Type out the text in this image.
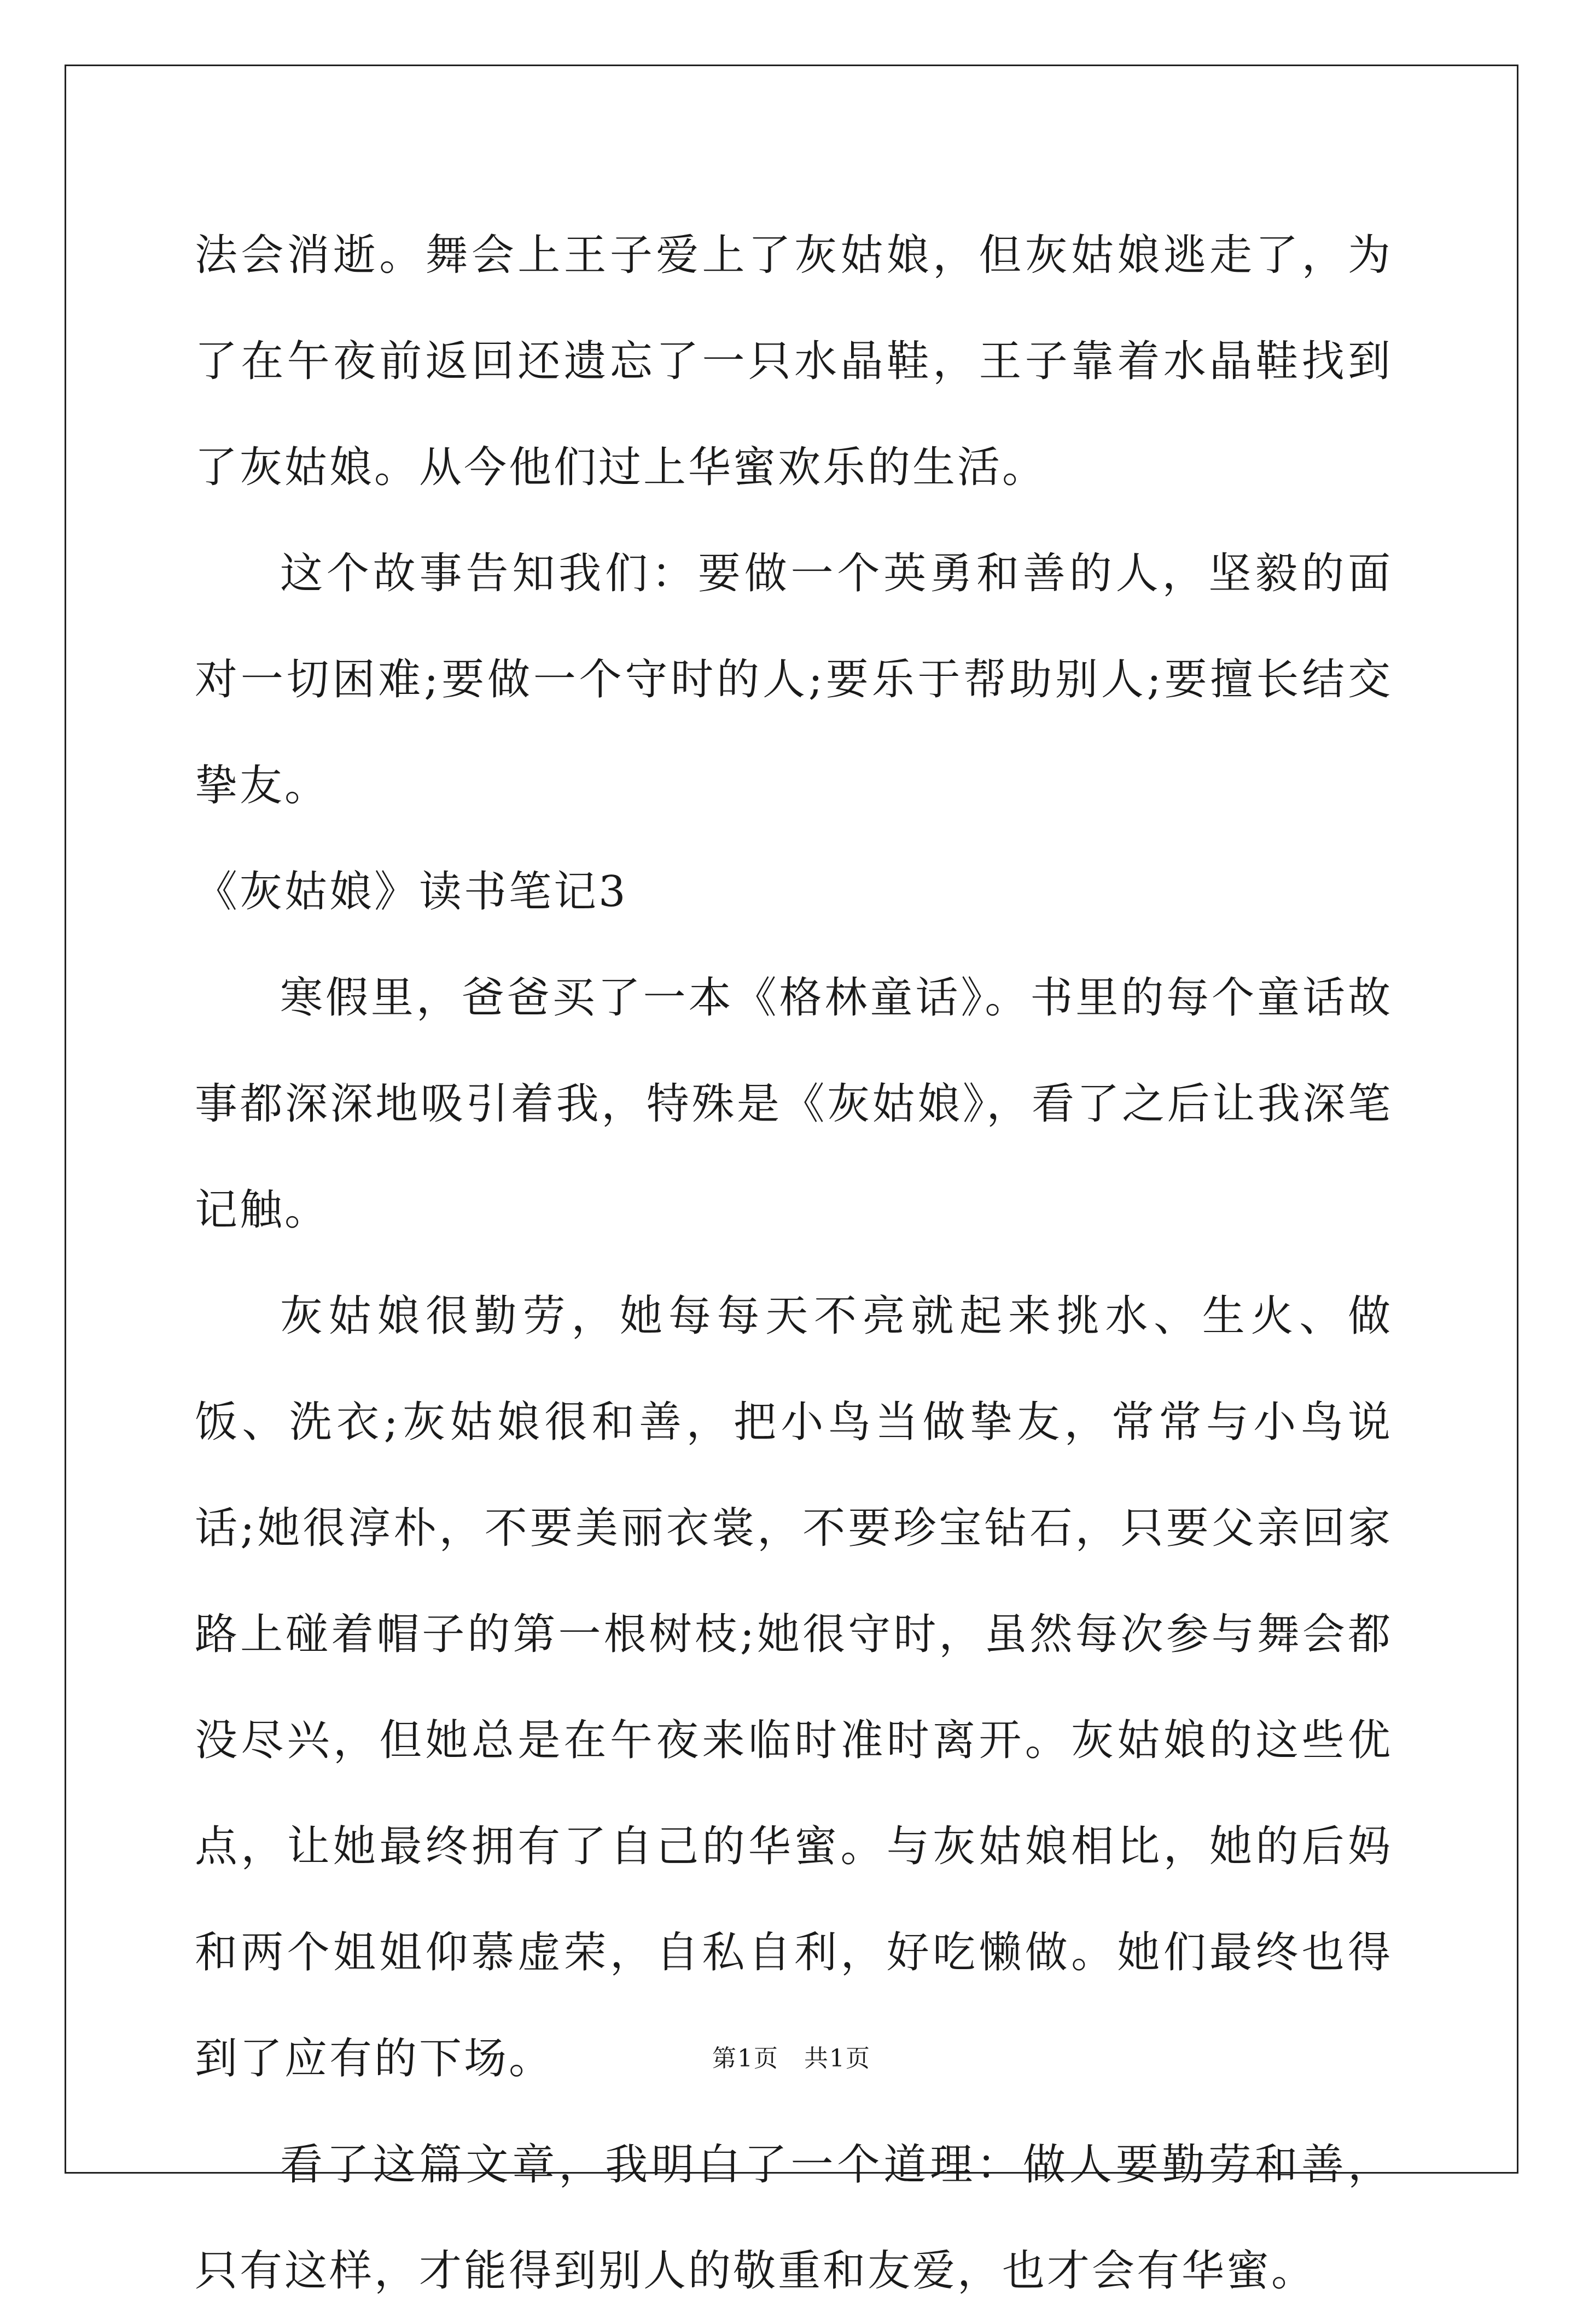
法会消逝。舞会上王子爱上了灰姑娘，但灰姑娘逃走了，为了在午夜前返回还遗忘了一只水晶鞋，王子靠着水晶鞋找到了灰姑娘。从今他们过上华蜜欢乐的生活。

这个故事告知我们：要做一个英勇和善的人，坚毅的面对一切困难;要做一个守时的人;要乐于帮助别人;要擅长结交挚友。

《灰姑娘》读书笔记3

寒假里，爸爸买了一本《格林童话》。书里的每个童话故事都深深地吸引着我，特殊是《灰姑娘》，看了之后让我深笔记触。

灰姑娘很勤劳，她每每天不亮就起来挑水、生火、做饭、洗衣;灰姑娘很和善，把小鸟当做挚友，常常与小鸟说话;她很淳朴，不要美丽衣裳，不要珍宝钻石，只要父亲回家路上碰着帽子的第一根树枝;她很守时，虽然每次参与舞会都没尽兴，但她总是在午夜来临时准时离开。灰姑娘的这些优点，让她最终拥有了自己的华蜜。与灰姑娘相比，她的后妈和两个姐姐仰慕虚荣，自私自利，好吃懒做。她们最终也得到了应有的下场。

看了这篇文章，我明白了一个道理：做人要勤劳和善，只有这样，才能得到别人的敬重和友爱，也才会有华蜜。

第1页　共1页
